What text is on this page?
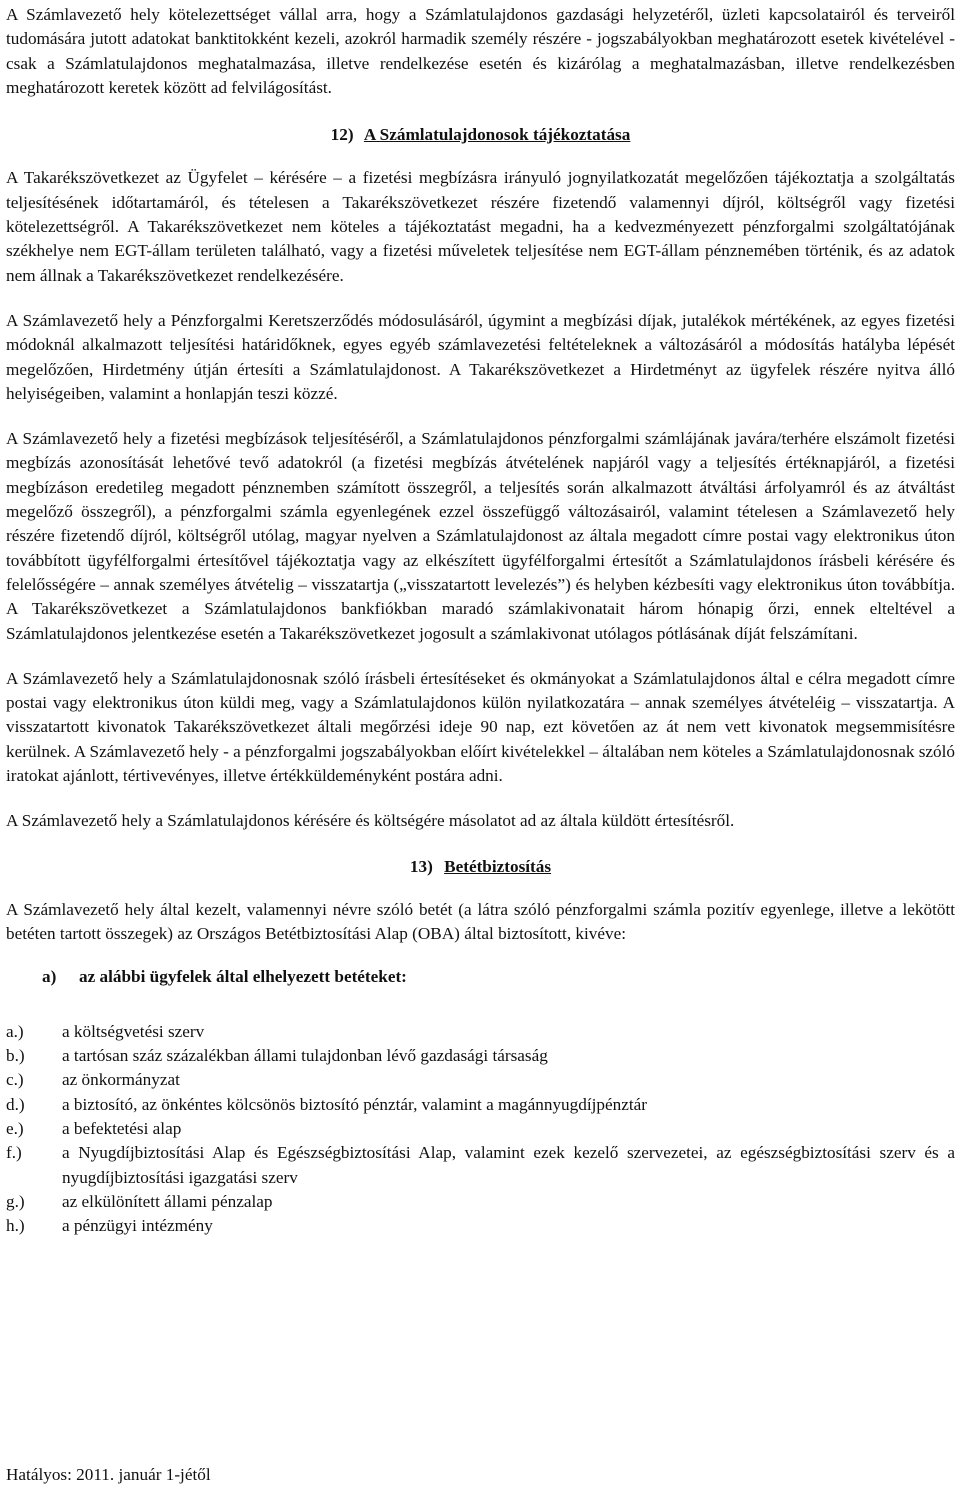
A Számlavezető hely kötelezettséget vállal arra, hogy a Számlatulajdonos gazdasági helyzetéről, üzleti kapcsolatairól és terveiről tudomására jutott adatokat banktitokként kezeli, azokról harmadik személy részére - jogszabályokban meghatározott esetek kivételével - csak a Számlatulajdonos meghatalmazása, illetve rendelkezése esetén és kizárólag a meghatalmazásban, illetve rendelkezésben meghatározott keretek között ad felvilágosítást.

12) A Számlatulajdonosok tájékoztatása

A Takarékszövetkezet az Ügyfelet – kérésére – a fizetési megbízásra irányuló jognyilatkozatát megelőzően tájékoztatja a szolgáltatás teljesítésének időtartamáról, és tételesen a Takarékszövetkezet részére fizetendő valamennyi díjról, költségről vagy fizetési kötelezettségről. A Takarékszövetkezet nem köteles a tájékoztatást megadni, ha a kedvezményezett pénzforgalmi szolgáltatójának székhelye nem EGT-állam területen található, vagy a fizetési műveletek teljesítése nem EGT-állam pénznemében történik, és az adatok nem állnak a Takarékszövetkezet rendelkezésére.

A Számlavezető hely a Pénzforgalmi Keretszerződés módosulásáról, úgymint a megbízási díjak, jutalékok mértékének, az egyes fizetési módoknál alkalmazott teljesítési határidőknek, egyes egyéb számlavezetési feltételeknek a változásáról a módosítás hatályba lépését megelőzően, Hirdetmény útján értesíti a Számlatulajdonost. A Takarékszövetkezet a Hirdetményt az ügyfelek részére nyitva álló helyiségeiben, valamint a honlapján teszi közzé.

A Számlavezető hely a fizetési megbízások teljesítéséről, a Számlatulajdonos pénzforgalmi számlájának javára/terhére elszámolt fizetési megbízás azonosítását lehetővé tevő adatokról (a fizetési megbízás átvételének napjáról vagy a teljesítés értéknapjáról, a fizetési megbízáson eredetileg megadott pénznemben számított összegről, a teljesítés során alkalmazott átváltási árfolyamról és az átváltást megelőző összegről), a pénzforgalmi számla egyenlegének ezzel összefüggő változásairól, valamint tételesen a Számlavezető hely részére fizetendő díjról, költségről utólag, magyar nyelven a Számlatulajdonost az általa megadott címre postai vagy elektronikus úton továbbított ügyfélforgalmi értesítővel tájékoztatja vagy az elkészített ügyfélforgalmi értesítőt a Számlatulajdonos írásbeli kérésére és felelősségére – annak személyes átvételig – visszatartja („visszatartott levelezés”) és helyben kézbesíti vagy elektronikus úton továbbítja. A Takarékszövetkezet a Számlatulajdonos bankfiókban maradó számlakivonatait három hónapig őrzi, ennek elteltével a Számlatulajdonos jelentkezése esetén a Takarékszövetkezet jogosult a számlakivonat utólagos pótlásának díját felszámítani.

A Számlavezető hely a Számlatulajdonosnak szóló írásbeli értesítéseket és okmányokat a Számlatulajdonos által e célra megadott címre postai vagy elektronikus úton küldi meg, vagy a Számlatulajdonos külön nyilatkozatára – annak személyes átvételéig – visszatartja. A visszatartott kivonatok Takarékszövetkezet általi megőrzési ideje 90 nap, ezt követően az át nem vett kivonatok megsemmisítésre kerülnek. A Számlavezető hely - a pénzforgalmi jogszabályokban előírt kivételekkel – általában nem köteles a Számlatulajdonosnak szóló iratokat ajánlott, tértivevényes, illetve értékküldeményként postára adni.

A Számlavezető hely a Számlatulajdonos kérésére és költségére másolatot ad az általa küldött értesítésről.

13) Betétbiztosítás

A Számlavezető hely által kezelt, valamennyi névre szóló betét (a látra szóló pénzforgalmi számla pozitív egyenlege, illetve a lekötött betéten tartott összegek) az Országos Betétbiztosítási Alap (OBA) által biztosított, kivéve:

a) az alábbi ügyfelek által elhelyezett betéteket:
a.)	a költségvetési szerv
b.)	a tartósan száz százalékban állami tulajdonban lévő gazdasági társaság
c.)	az önkormányzat
d.)	a biztosító, az önkéntes kölcsönös biztosító pénztár, valamint a magánnyugdíjpénztár
e.)	a befektetési alap
f.)	a Nyugdíjbiztosítási Alap és Egészségbiztosítási Alap, valamint ezek kezelő szervezetei, az egészségbiztosítási szerv és a nyugdíjbiztosítási igazgatási szerv
g.)	az elkülönített állami pénzalap
h.)	a pénzügyi intézmény
Hatályos: 2011. január 1-jétől
